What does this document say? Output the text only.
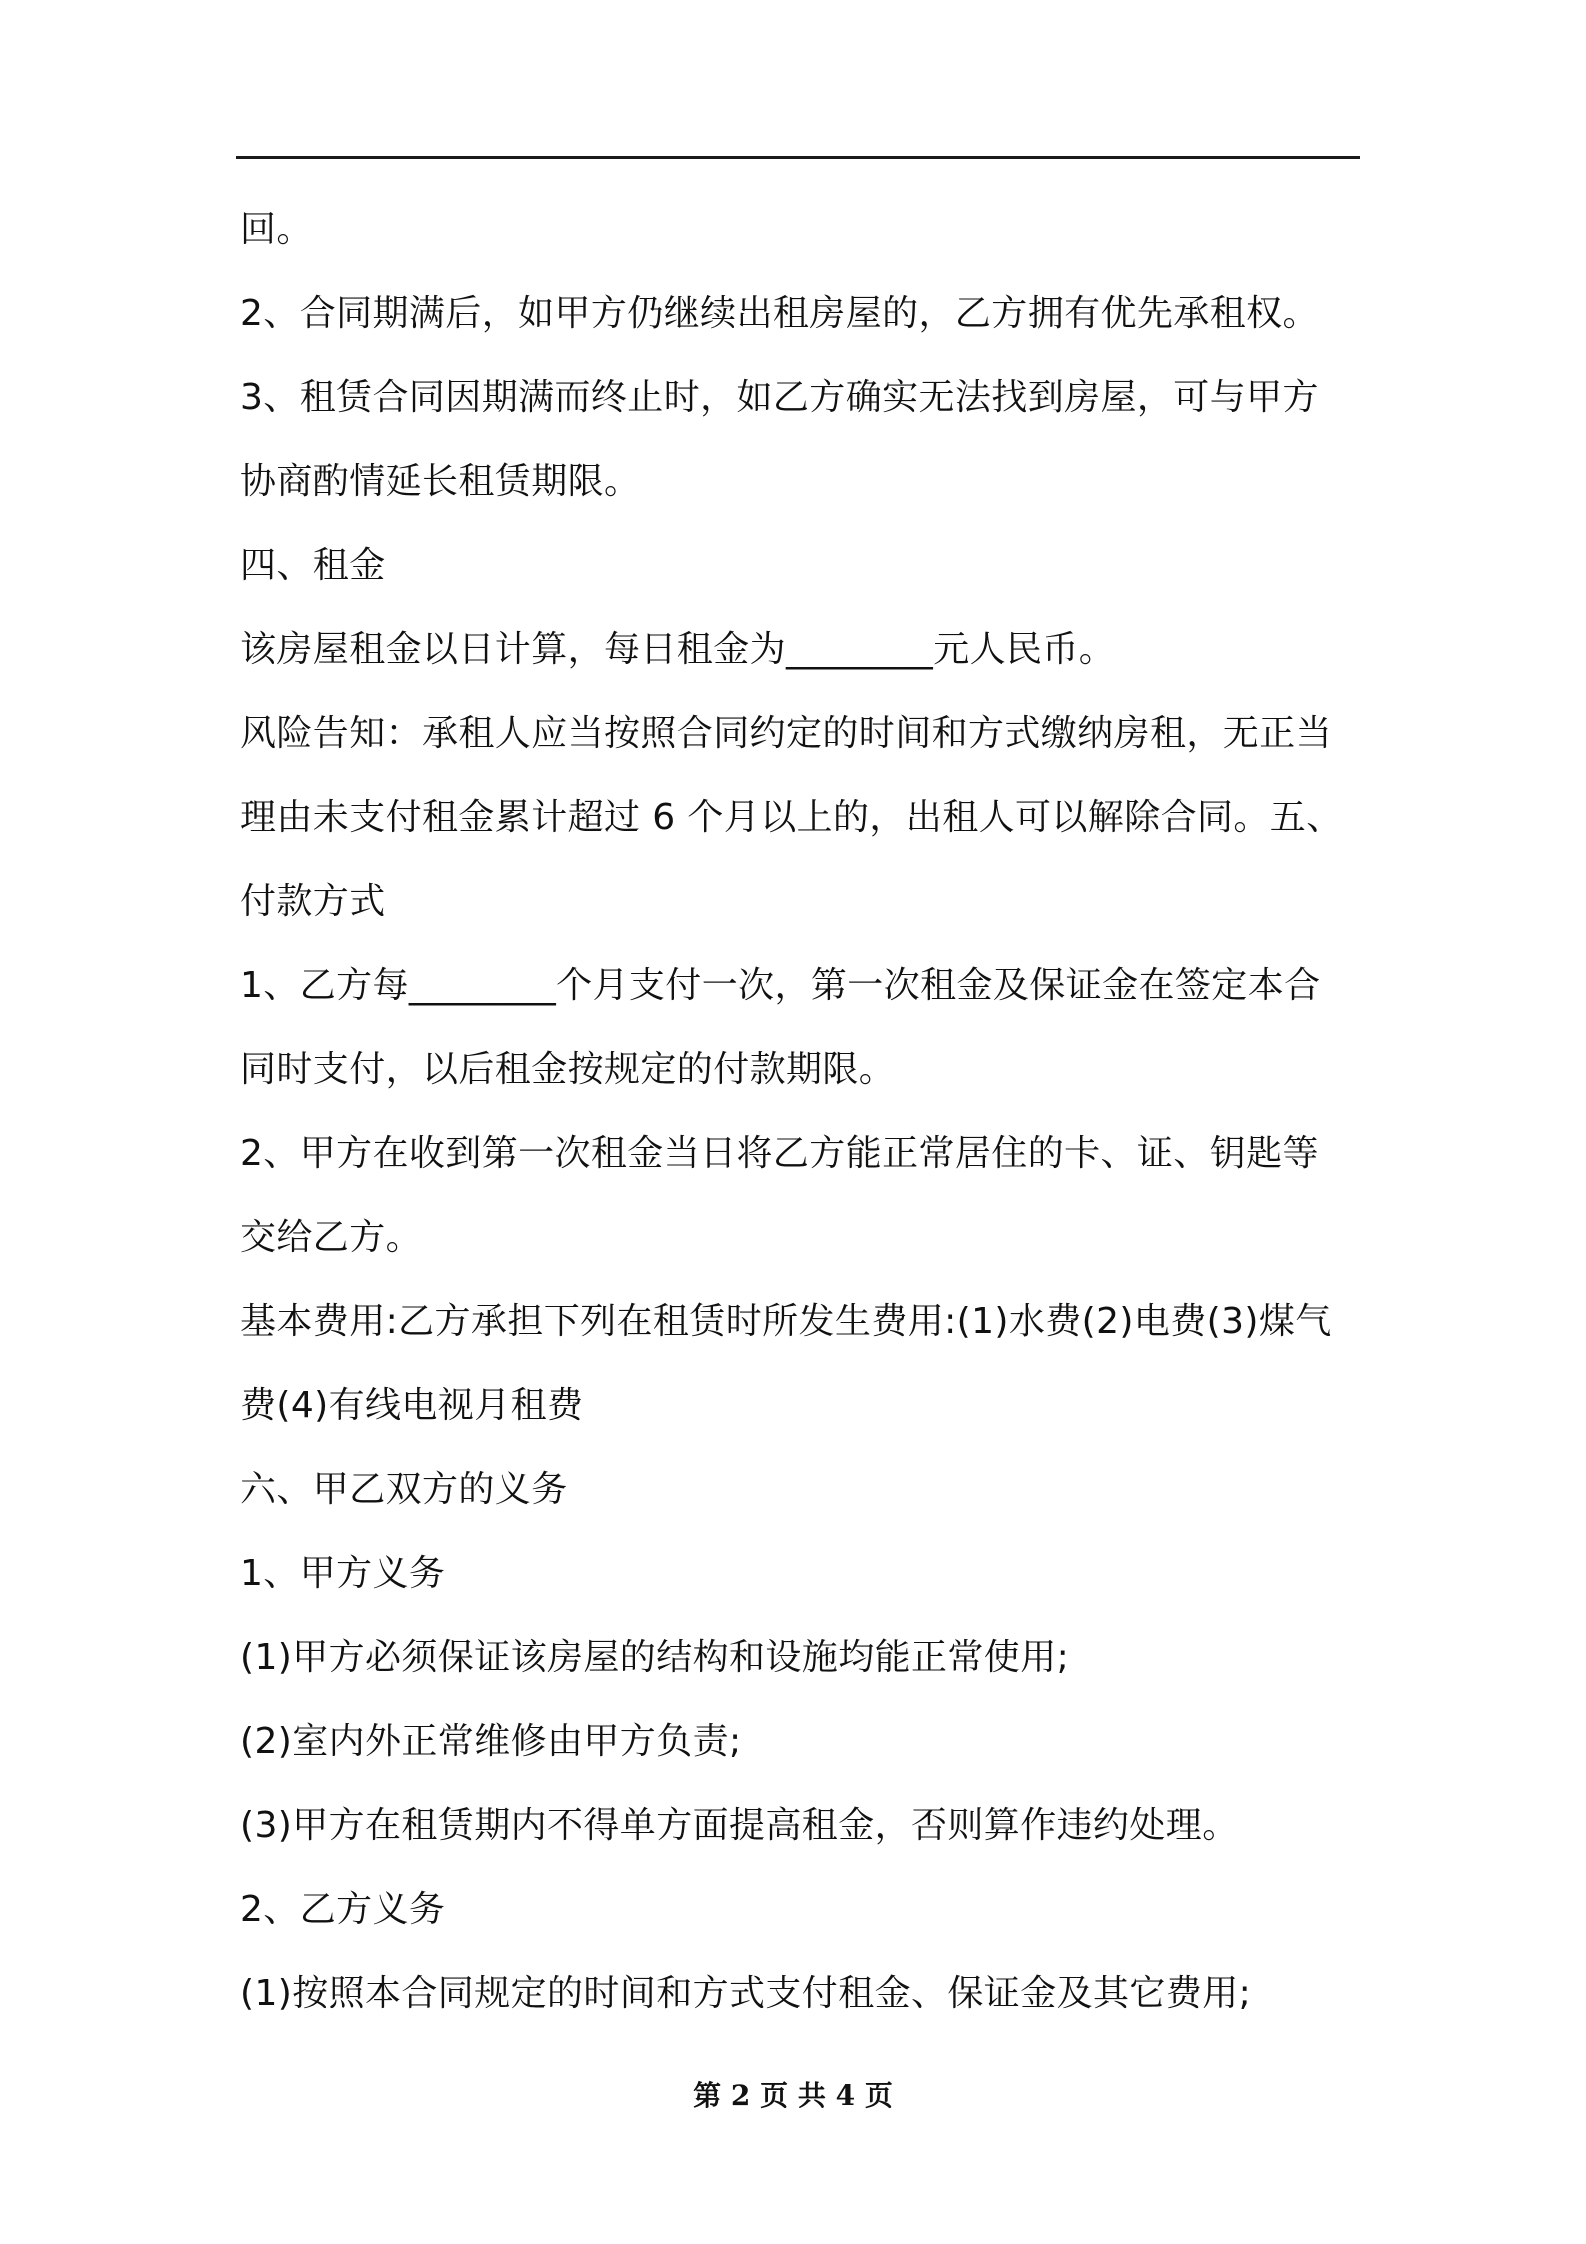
回。
2、合同期满后，如甲方仍继续出租房屋的，乙方拥有优先承租权。
3、租赁合同因期满而终止时，如乙方确实无法找到房屋，可与甲方
协商酌情延长租赁期限。
四、租金
该房屋租金以日计算，每日租金为________元人民币。
风险告知：承租人应当按照合同约定的时间和方式缴纳房租，无正当
理由未支付租金累计超过 6 个月以上的，出租人可以解除合同。五、
付款方式
1、乙方每________个月支付一次，第一次租金及保证金在签定本合
同时支付，以后租金按规定的付款期限。
2、甲方在收到第一次租金当日将乙方能正常居住的卡、证、钥匙等
交给乙方。
基本费用:乙方承担下列在租赁时所发生费用:(1)水费(2)电费(3)煤气
费(4)有线电视月租费
六、甲乙双方的义务
1、甲方义务
(1)甲方必须保证该房屋的结构和设施均能正常使用;
(2)室内外正常维修由甲方负责;
(3)甲方在租赁期内不得单方面提高租金，否则算作违约处理。
2、乙方义务
(1)按照本合同规定的时间和方式支付租金、保证金及其它费用;
第 2 页 共 4 页
